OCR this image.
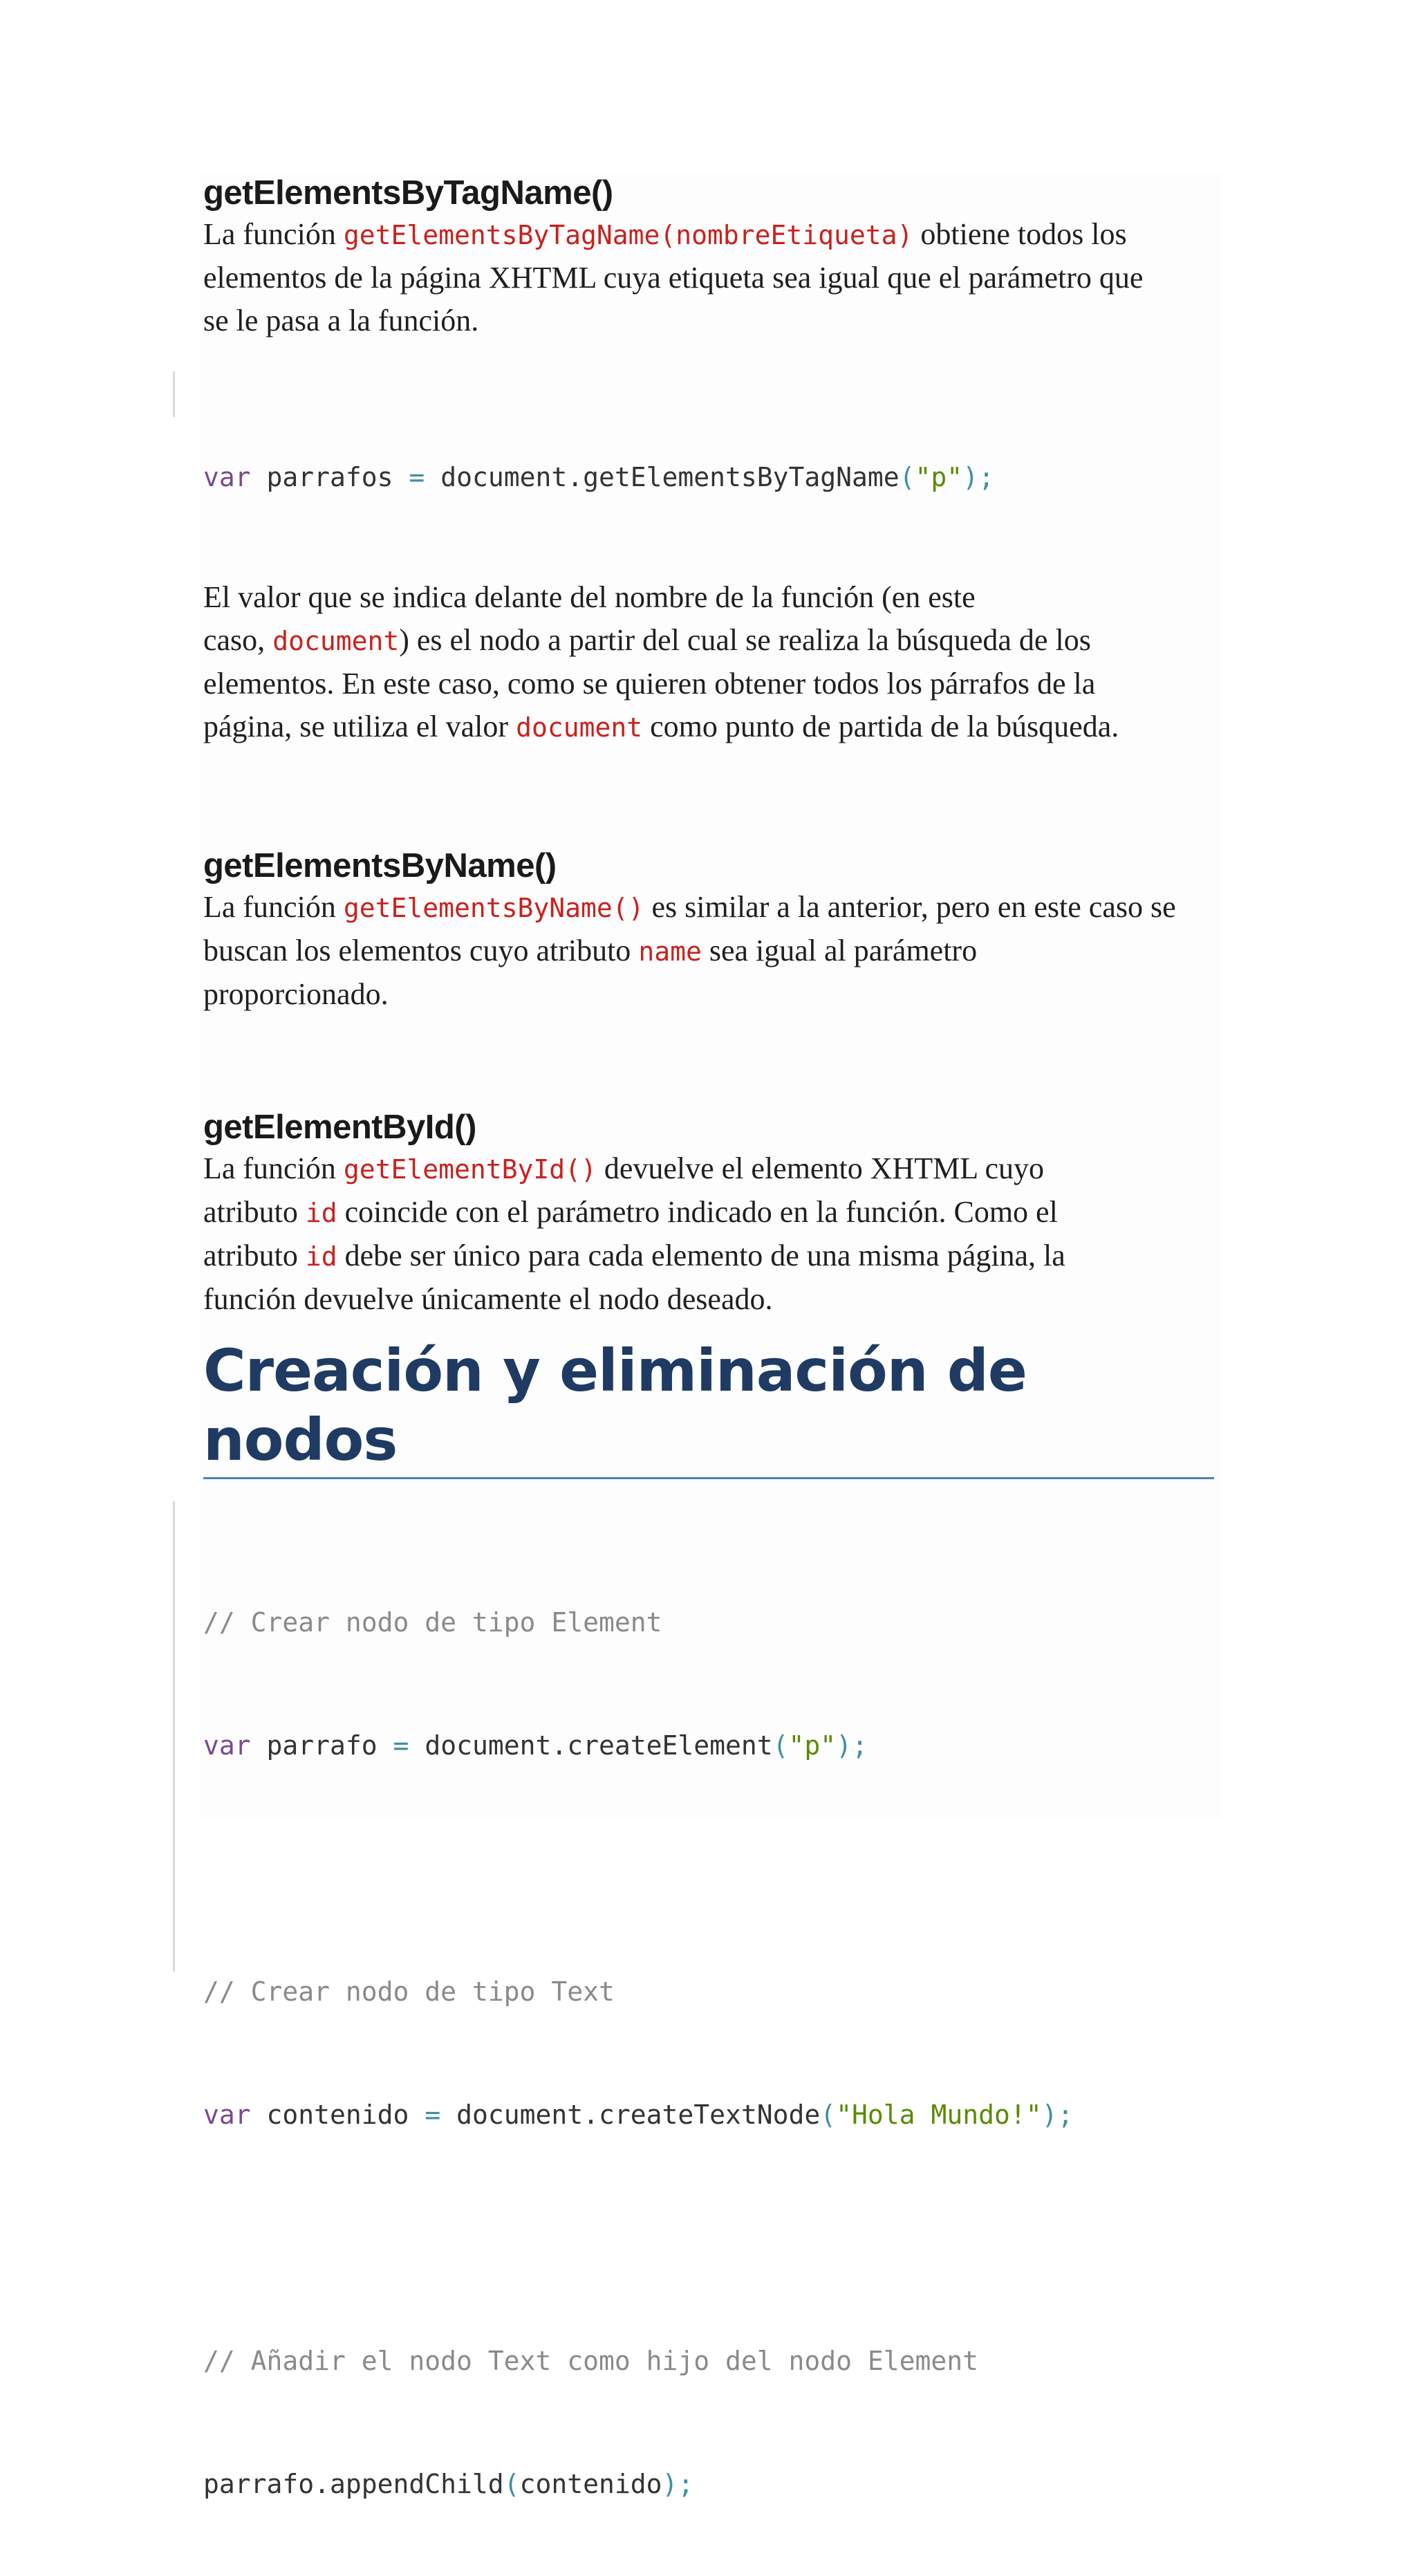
getElementsByTagName()

La función getElementsByTagName(nombreEtiqueta) obtiene todos los
elementos de la página XHTML cuya etiqueta sea igual que el parámetro que
se le pasa a la función.

var parrafos = document.getElementsByTagName("p");

El valor que se indica delante del nombre de la función (en este
caso, document) es el nodo a partir del cual se realiza la búsqueda de los
elementos. En este caso, como se quieren obtener todos los párrafos de la
página, se utiliza el valor document como punto de partida de la búsqueda.

getElementsByName()

La función getElementsByName() es similar a la anterior, pero en este caso se
buscan los elementos cuyo atributo name sea igual al parámetro
proporcionado.

getElementById()

La función getElementById() devuelve el elemento XHTML cuyo
atributo id coincide con el parámetro indicado en la función. Como el
atributo id debe ser único para cada elemento de una misma página, la
función devuelve únicamente el nodo deseado.

Creación y eliminación de nodos

// Crear nodo de tipo Element

var parrafo = document.createElement("p");

// Crear nodo de tipo Text

var contenido = document.createTextNode("Hola Mundo!");

// Añadir el nodo Text como hijo del nodo Element

parrafo.appendChild(contenido);
